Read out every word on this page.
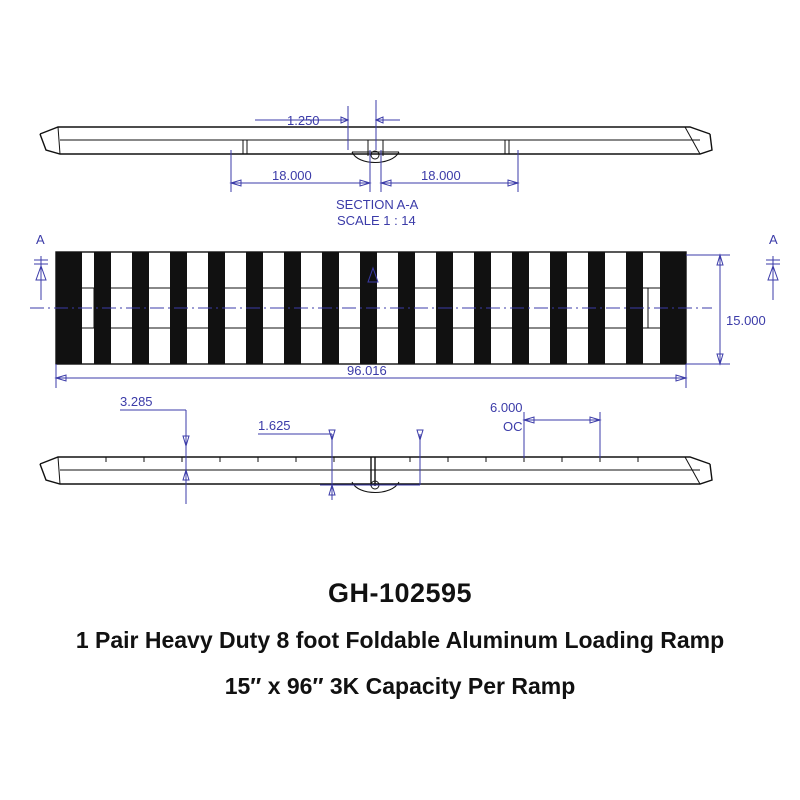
1.250
18.000	18.000
SECTION A-A
SCALE 1 : 14
A	A
15.000
96.016
3.285
1.625
6.000
OC
GH-102595
1 Pair Heavy Duty 8 foot Foldable Aluminum Loading Ramp
15″ x 96″ 3K Capacity Per Ramp
